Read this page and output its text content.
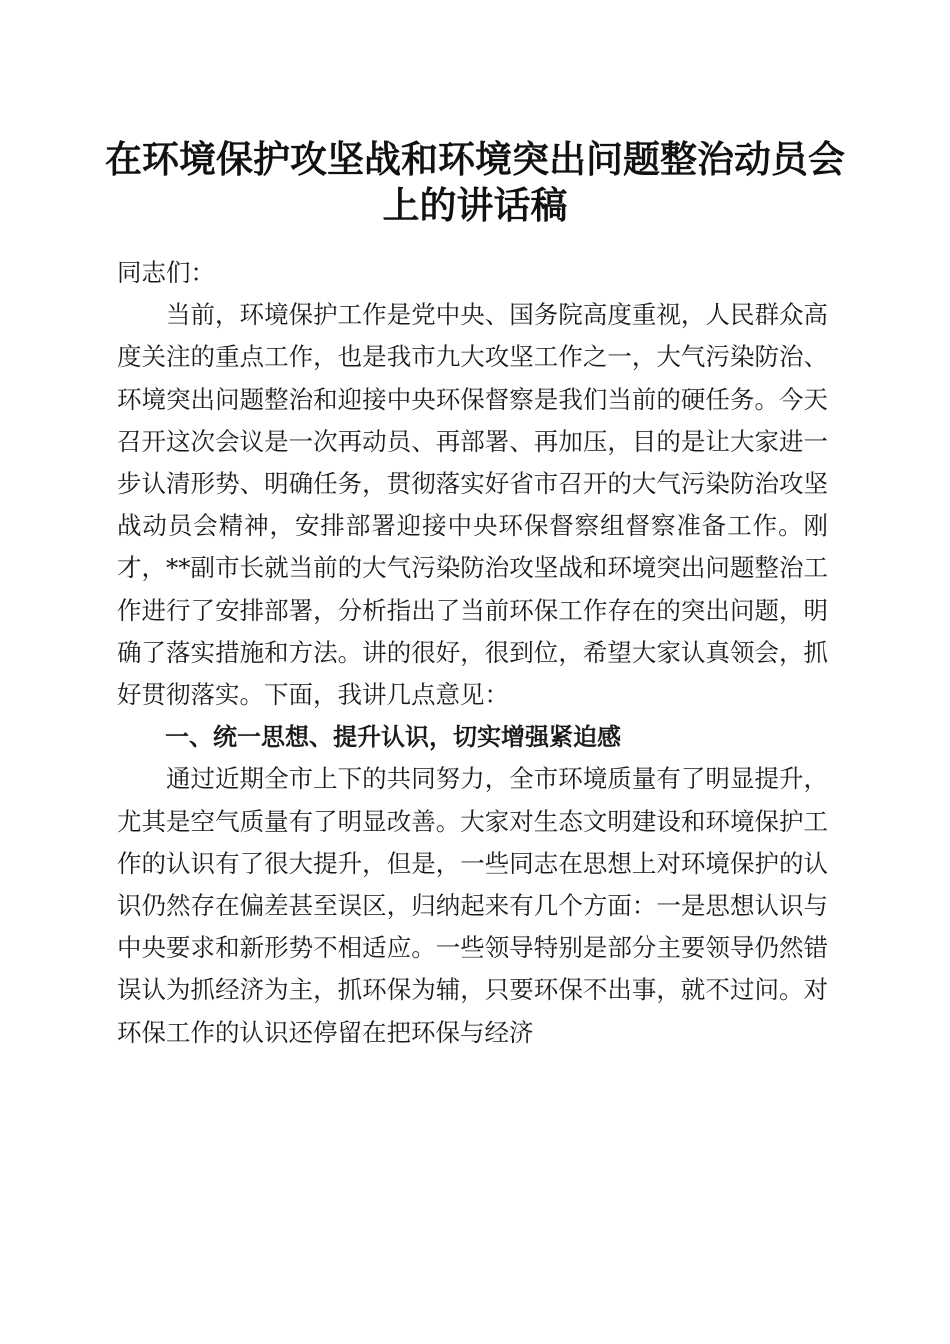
在环境保护攻坚战和环境突出问题整治动员会
上的讲话稿

同志们：

当前，环境保护工作是党中央、国务院高度重视，人民群众高度关注的重点工作，也是我市九大攻坚工作之一，大气污染防治、环境突出问题整治和迎接中央环保督察是我们当前的硬任务。今天召开这次会议是一次再动员、再部署、再加压，目的是让大家进一步认清形势、明确任务，贯彻落实好省市召开的大气污染防治攻坚战动员会精神，安排部署迎接中央环保督察组督察准备工作。刚才，**副市长就当前的大气污染防治攻坚战和环境突出问题整治工作进行了安排部署，分析指出了当前环保工作存在的突出问题，明确了落实措施和方法。讲的很好，很到位，希望大家认真领会，抓好贯彻落实。下面，我讲几点意见：

一、统一思想、提升认识，切实增强紧迫感

通过近期全市上下的共同努力，全市环境质量有了明显提升，尤其是空气质量有了明显改善。大家对生态文明建设和环境保护工作的认识有了很大提升，但是，一些同志在思想上对环境保护的认识仍然存在偏差甚至误区，归纳起来有几个方面：一是思想认识与中央要求和新形势不相适应。一些领导特别是部分主要领导仍然错误认为抓经济为主，抓环保为辅，只要环保不出事，就不过问。对环保工作的认识还停留在把环保与经济
